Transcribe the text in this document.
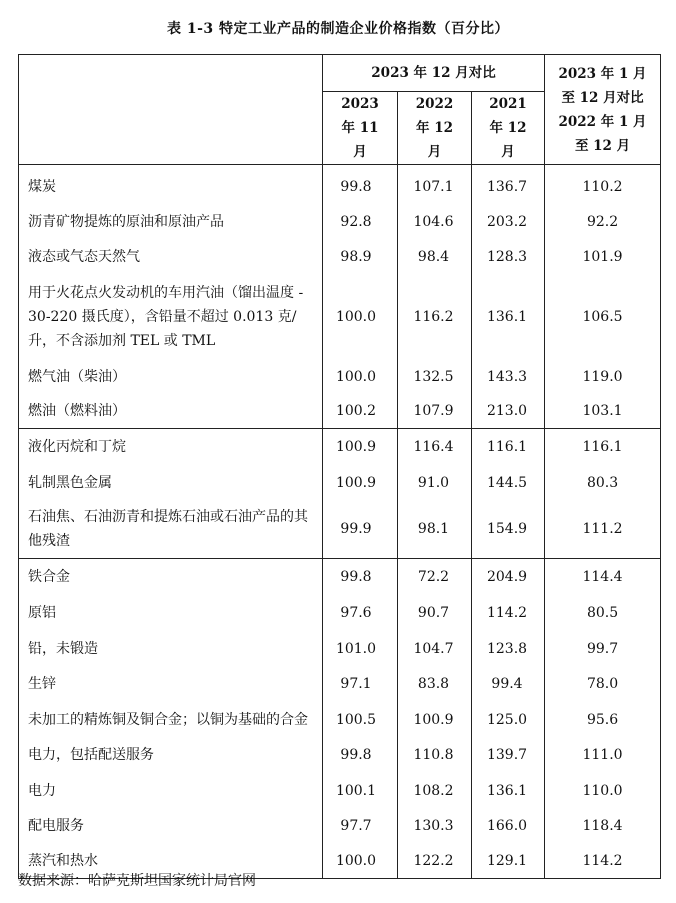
表 1-3 特定工业产品的制造企业价格指数（百分比）
	2023 年 12 月对比			2023 年 1 月至 12 月对比 2022 年 1 月至 12 月

	2023 年 11 月	2022 年 12 月	2021 年 12 月	

煤炭	99.8	107.1	136.7	110.2
沥青矿物提炼的原油和原油产品	92.8	104.6	203.2	92.2
液态或气态天然气	98.9	98.4	128.3	101.9
用于火花点火发动机的车用汽油（馏出温度 - 30-220 摄氏度），含铅量不超过 0.013 克/升，不含添加剂 TEL 或 TML	100.0	116.2	136.1	106.5
燃气油（柴油）	100.0	132.5	143.3	119.0
燃油（燃料油）	100.2	107.9	213.0	103.1
液化丙烷和丁烷	100.9	116.4	116.1	116.1
轧制黑色金属	100.9	91.0	144.5	80.3
石油焦、石油沥青和提炼石油或石油产品的其他残渣	99.9	98.1	154.9	111.2
铁合金	99.8	72.2	204.9	114.4
原铝	97.6	90.7	114.2	80.5
铅，未锻造	101.0	104.7	123.8	99.7
生锌	97.1	83.8	99.4	78.0
未加工的精炼铜及铜合金；以铜为基础的合金	100.5	100.9	125.0	95.6
电力，包括配送服务	99.8	110.8	139.7	111.0
电力	100.1	108.2	136.1	110.0
配电服务	97.7	130.3	166.0	118.4
蒸汽和热水	100.0	122.2	129.1	114.2
数据来源：哈萨克斯坦国家统计局官网
